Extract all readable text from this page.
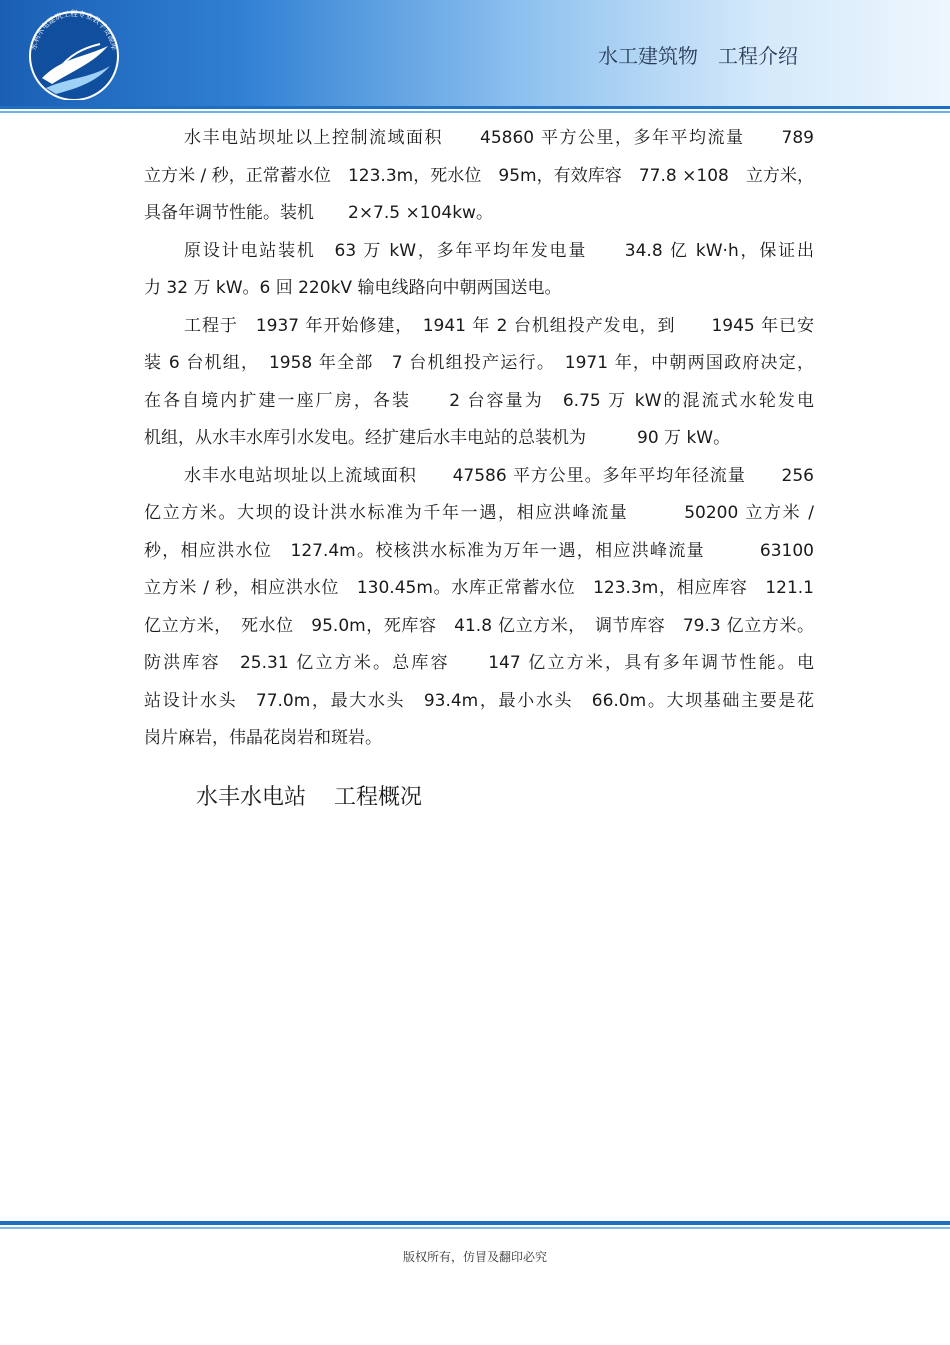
水利水电建筑工程专业教学资源库	水工建筑物 工程介绍
水丰电站坝址以上控制流域面积　　45860 平方公里，多年平均流量　　789
立方米 / 秒，正常蓄水位　123.3m，死水位　95m，有效库容　77.8 ×108　立方米，
具备年调节性能。装机　　2×7.5 ×104kw。
原设计电站装机　63 万 kW，多年平均年发电量　　34.8 亿 kW·h，保证出
力 32 万 kW。6 回 220kV 输电线路向中朝两国送电。
工程于　1937 年开始修建，　1941 年 2 台机组投产发电，到　　1945 年已安
装 6 台机组，　1958 年全部　7 台机组投产运行。　1971 年，中朝两国政府决定，
在各自境内扩建一座厂房，各装　　2 台容量为　6.75 万 kW的混流式水轮发电
机组，从水丰水库引水发电。经扩建后水丰电站的总装机为　　　90 万 kW。
水丰水电站坝址以上流域面积　　47586 平方公里。多年平均年径流量　　256
亿立方米。大坝的设计洪水标准为千年一遇，相应洪峰流量　　　50200 立方米 /
秒，相应洪水位　127.4m。校核洪水标准为万年一遇，相应洪峰流量　　　63100
立方米 / 秒，相应洪水位　130.45m。水库正常蓄水位　123.3m，相应库容　121.1
亿立方米，　死水位　95.0m，死库容　41.8 亿立方米，　调节库容　79.3 亿立方米。
防洪库容　25.31 亿立方米。总库容　　147 亿立方米，具有多年调节性能。电
站设计水头　77.0m，最大水头　93.4m，最小水头　66.0m。大坝基础主要是花
岗片麻岩，伟晶花岗岩和斑岩。
水丰水电站 工程概况
版权所有，仿冒及翻印必究
